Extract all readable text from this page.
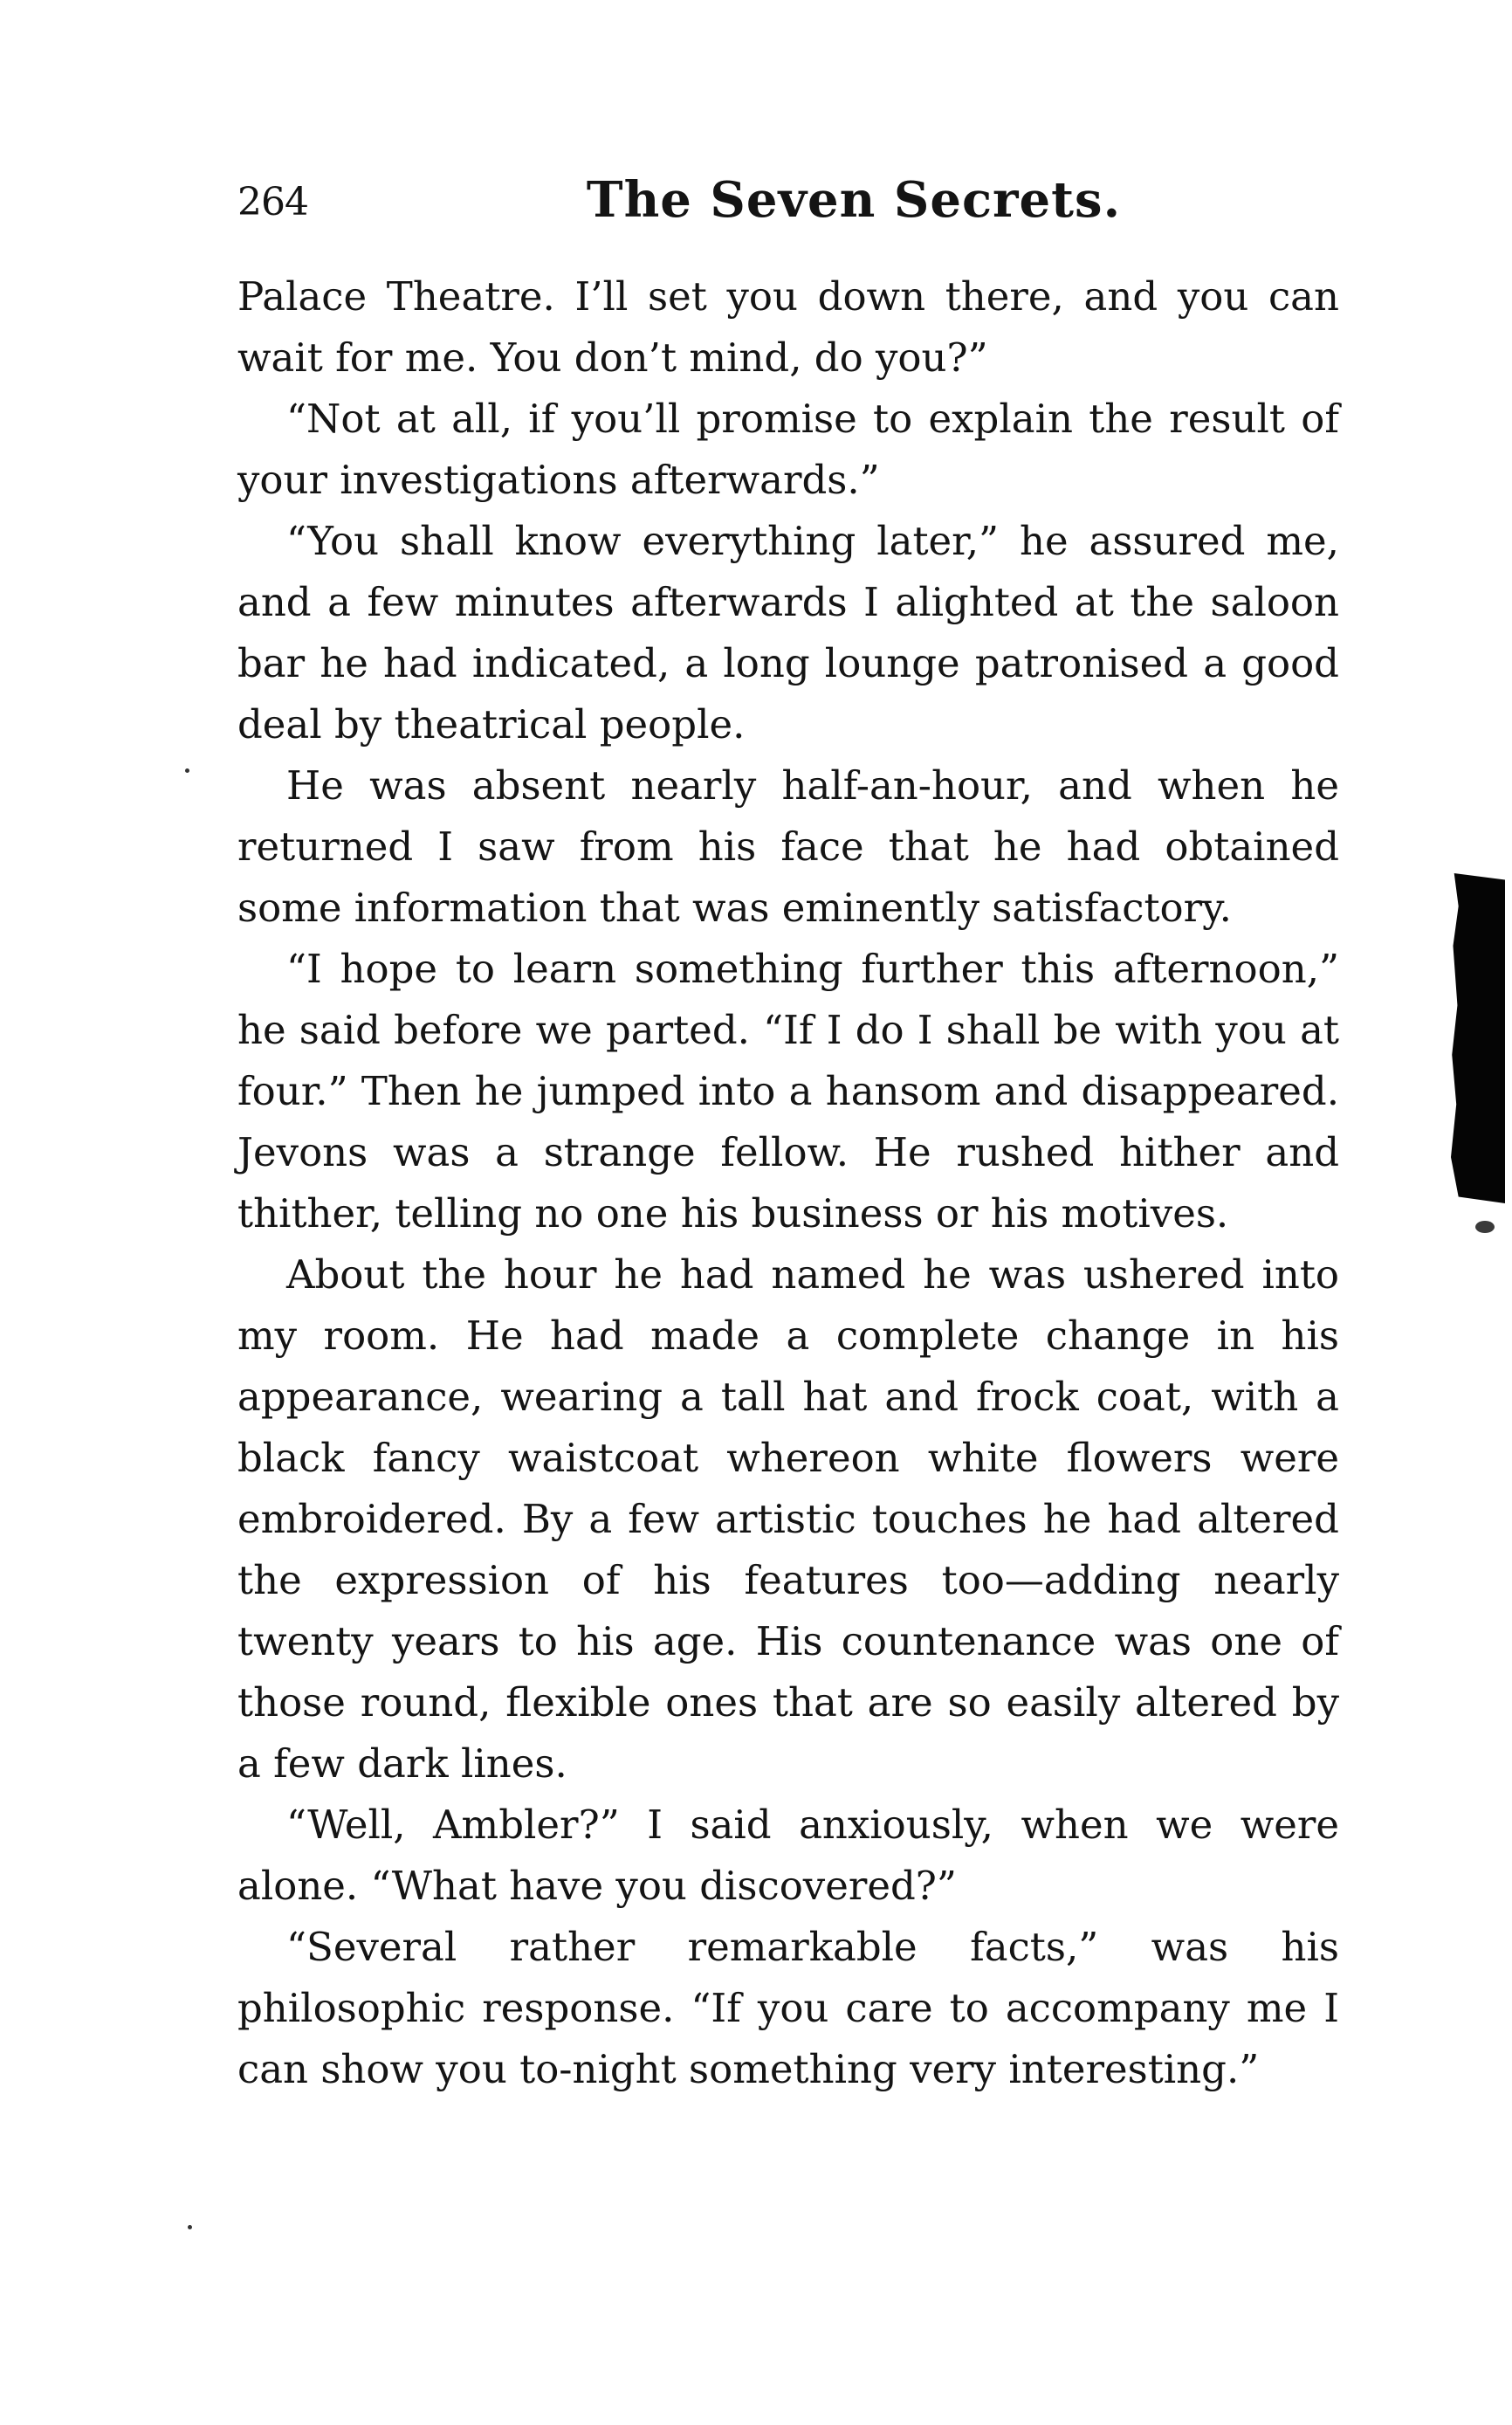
264	The Seven Secrets.

Palace Theatre. I’ll set you down there, and you can wait for me. You don’t mind, do you?”

“Not at all, if you’ll promise to explain the result of your investigations afterwards.”

“You shall know everything later,” he assured me, and a few minutes afterwards I alighted at the saloon bar he had indicated, a long lounge patronised a good deal by theatrical people.

He was absent nearly half-an-hour, and when he returned I saw from his face that he had obtained some information that was eminently satisfactory.

“I hope to learn something further this afternoon,” he said before we parted. “If I do I shall be with you at four.” Then he jumped into a hansom and disappeared. Jevons was a strange fellow. He rushed hither and thither, telling no one his business or his motives.

About the hour he had named he was ushered into my room. He had made a complete change in his appearance, wearing a tall hat and frock coat, with a black fancy waistcoat whereon white flowers were embroidered. By a few artistic touches he had altered the expression of his features too—adding nearly twenty years to his age. His countenance was one of those round, flexible ones that are so easily altered by a few dark lines.

“Well, Ambler?” I said anxiously, when we were alone. “What have you discovered?”

“Several rather remarkable facts,” was his philosophic response. “If you care to accompany me I can show you to-night something very interesting.”
